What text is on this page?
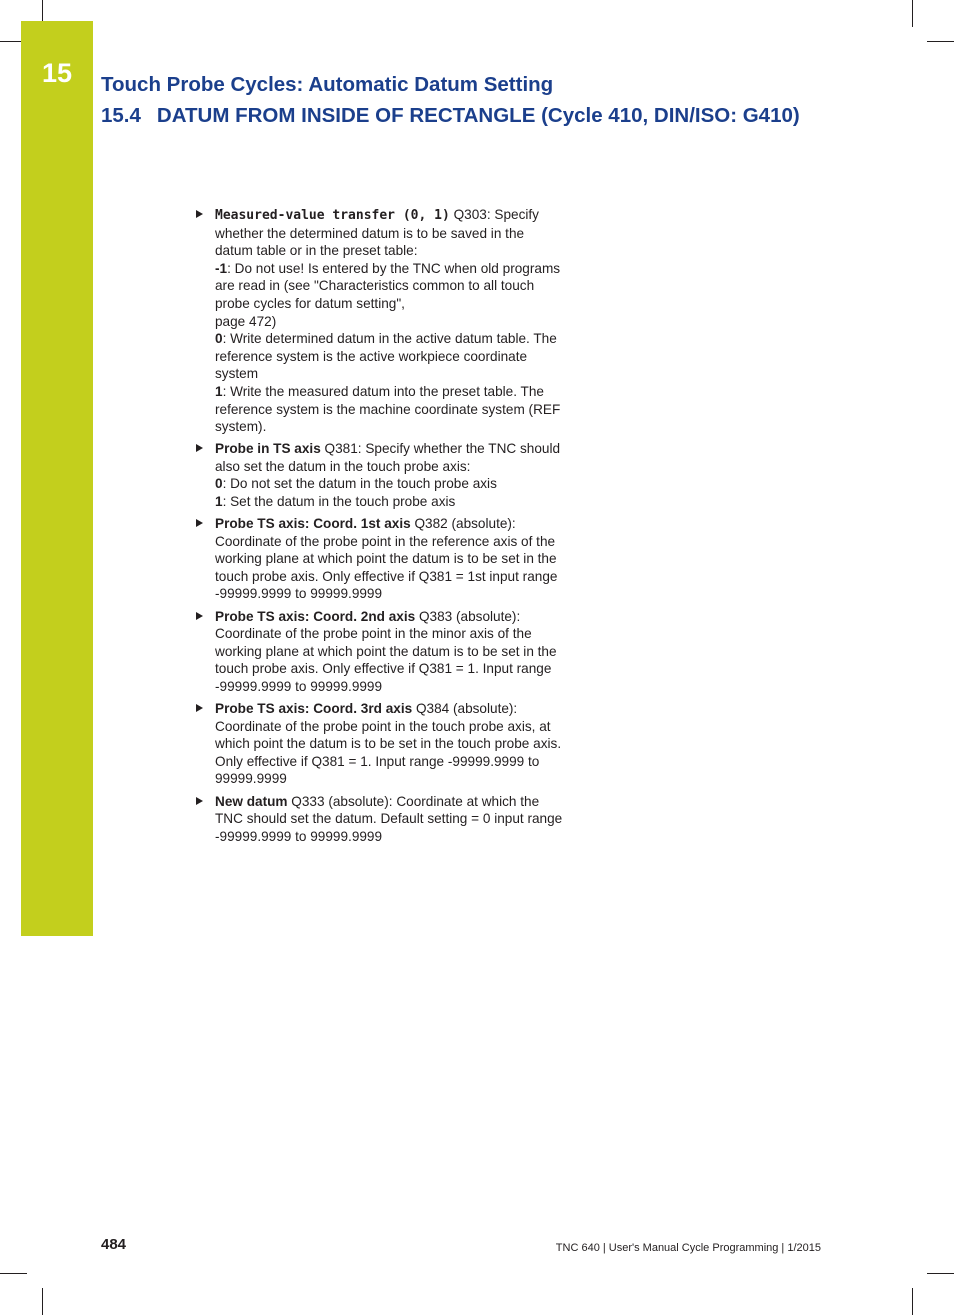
15	Touch Probe Cycles: Automatic Datum Setting
15.4 DATUM FROM INSIDE OF RECTANGLE (Cycle 410, DIN/ISO: G410)

Measured-value transfer (0, 1) Q303: Specify whether the determined datum is to be saved in the datum table or in the preset table:

-1: Do not use! Is entered by the TNC when old programs are read in (see "Characteristics common to all touch probe cycles for datum setting",

page 472)

0: Write determined datum in the active datum table. The reference system is the active workpiece coordinate system

1: Write the measured datum into the preset table. The reference system is the machine coordinate system (REF system).

Probe in TS axis Q381: Specify whether the TNC should also set the datum in the touch probe axis:

0: Do not set the datum in the touch probe axis

1: Set the datum in the touch probe axis

Probe TS axis: Coord. 1st axis Q382 (absolute): Coordinate of the probe point in the reference axis of the working plane at which point the datum is to be set in the touch probe axis. Only effective if Q381 = 1st input range -99999.9999 to 99999.9999

Probe TS axis: Coord. 2nd axis Q383 (absolute): Coordinate of the probe point in the minor axis of the working plane at which point the datum is to be set in the touch probe axis. Only effective if Q381 = 1. Input range -99999.9999 to 99999.9999

Probe TS axis: Coord. 3rd axis Q384 (absolute): Coordinate of the probe point in the touch probe axis, at which point the datum is to be set in the touch probe axis. Only effective if Q381 = 1. Input range -99999.9999 to 99999.9999

New datum Q333 (absolute): Coordinate at which the TNC should set the datum. Default setting = 0 input range -99999.9999 to 99999.9999

484	TNC 640 | User's Manual Cycle Programming | 1/2015
